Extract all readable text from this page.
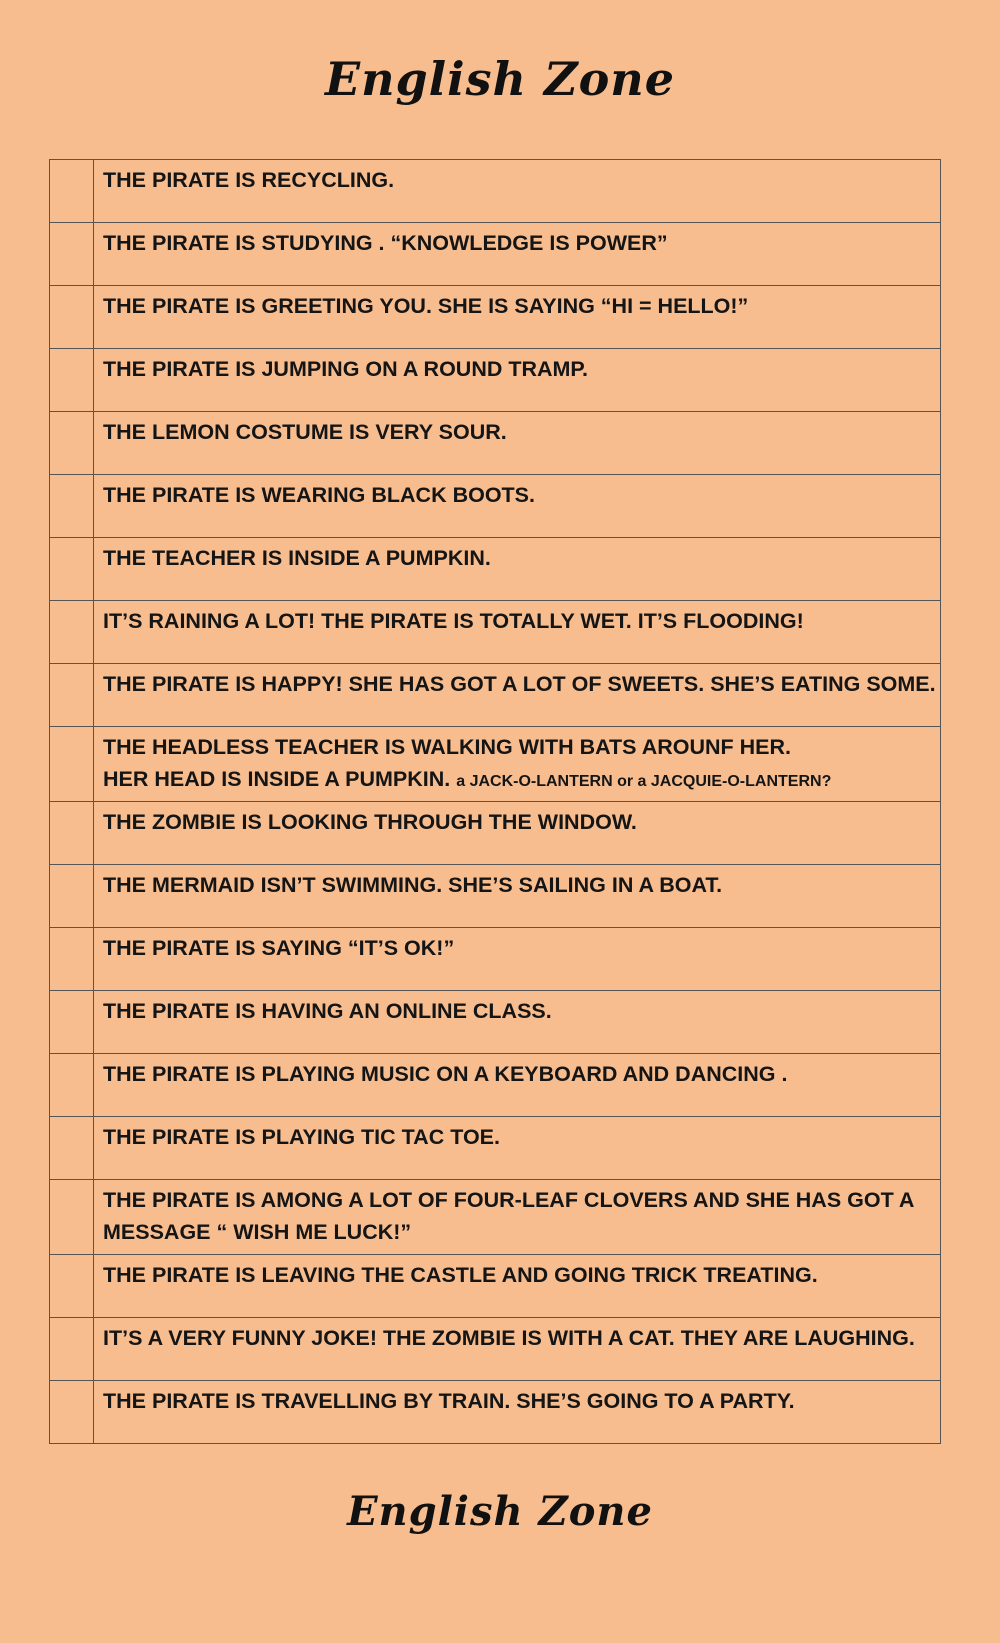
English Zone
	THE PIRATE IS RECYCLING.
	THE PIRATE IS STUDYING . “KNOWLEDGE IS POWER”
	THE PIRATE IS GREETING YOU. SHE IS SAYING “HI = HELLO!”
	THE PIRATE IS JUMPING ON A ROUND TRAMP.
	THE LEMON COSTUME IS VERY SOUR.
	THE PIRATE IS WEARING BLACK BOOTS.
	THE TEACHER IS INSIDE A PUMPKIN.
	IT’S RAINING A LOT! THE PIRATE IS TOTALLY WET. IT’S FLOODING!
	THE PIRATE IS HAPPY! SHE HAS GOT A LOT OF SWEETS. SHE’S EATING SOME.
	THE HEADLESS TEACHER IS WALKING WITH BATS AROUNF HER.
HER HEAD IS INSIDE A PUMPKIN. a JACK-O-LANTERN or a JACQUIE-O-LANTERN?
	THE ZOMBIE IS LOOKING THROUGH THE WINDOW.
	THE MERMAID ISN’T SWIMMING. SHE’S SAILING IN A BOAT.
	THE PIRATE IS SAYING “IT’S OK!”
	THE PIRATE IS HAVING AN ONLINE CLASS.
	THE PIRATE IS PLAYING MUSIC ON A KEYBOARD AND DANCING .
	THE PIRATE IS PLAYING TIC TAC TOE.
	THE PIRATE IS AMONG A LOT OF FOUR-LEAF CLOVERS AND SHE HAS GOT A MESSAGE “ WISH ME LUCK!”
	THE PIRATE IS LEAVING THE CASTLE AND GOING TRICK TREATING.
	IT’S A VERY FUNNY JOKE! THE ZOMBIE IS WITH A CAT. THEY ARE LAUGHING.
	THE PIRATE IS TRAVELLING BY TRAIN. SHE’S GOING TO A PARTY.
English Zone
